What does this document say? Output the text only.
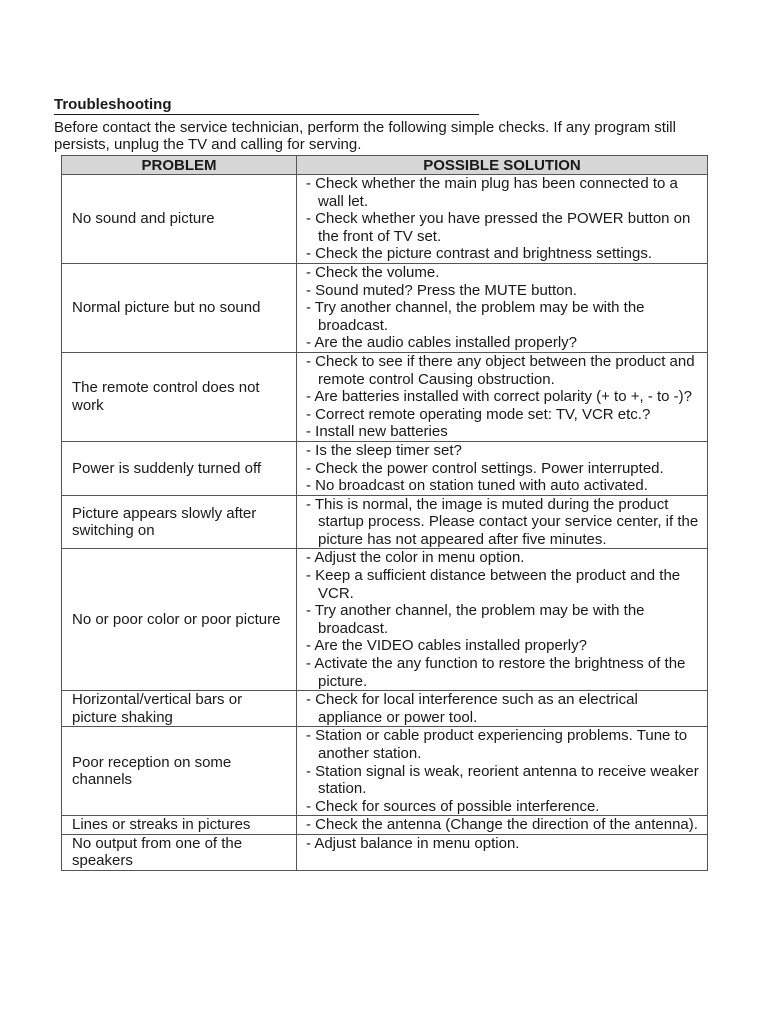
Troubleshooting

Before contact the service technician, perform the following simple checks. If any program still persists, unplug the TV and calling for serving.

PROBLEM	POSSIBLE SOLUTION
No sound and picture	- Check whether the main plug has been connected to a wall let.
- Check whether you have pressed the POWER button on the front of TV set.
- Check the picture contrast and brightness settings.

Normal picture but no sound	- Check the volume.
- Sound muted? Press the MUTE button.
- Try another channel, the problem may be with the broadcast.
- Are the audio cables installed properly?

The remote control does not work	- Check to see if there any object between the product and remote control Causing obstruction.
- Are batteries installed with correct polarity (+ to +, - to -)?
- Correct remote operating mode set: TV, VCR etc.?
- Install new batteries

Power is suddenly turned off	- Is the sleep timer set?
- Check the power control settings. Power interrupted.
- No broadcast on station tuned with auto activated.

Picture appears slowly after switching on	- This is normal, the image is muted during the product startup process. Please contact your service center, if the picture has not appeared after five minutes.

No or poor color or poor picture	- Adjust the color in menu option.
- Keep a sufficient distance between the product and the VCR.
- Try another channel, the problem may be with the broadcast.
- Are the VIDEO cables installed properly?
- Activate the any function to restore the brightness of the picture.

Horizontal/vertical bars or picture shaking	- Check for local interference such as an electrical appliance or power tool.

Poor reception on some channels	- Station or cable product experiencing problems. Tune to another station.
- Station signal is weak, reorient antenna to receive weaker station.
- Check for sources of possible interference.

Lines or streaks in pictures	- Check the antenna (Change the direction of the antenna).

No output from one of the speakers	- Adjust balance in menu option.
